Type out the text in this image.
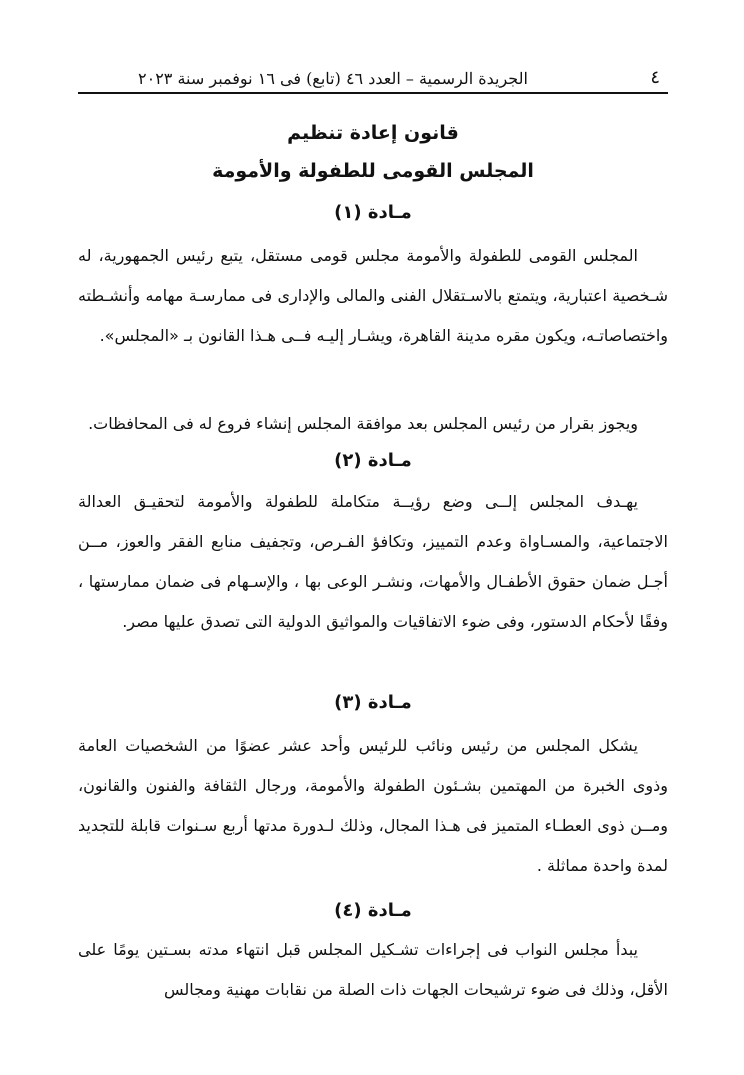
٤
الجريدة الرسمية – العدد ٤٦ (تابع) فى ١٦ نوفمبر سنة ٢٠٢٣
قانون إعادة تنظيم
المجلس القومى للطفولة والأمومة
مـادة (١)

المجلس القومى للطفولة والأمومة مجلس قومى مستقل، يتبع رئيس الجمهورية، له شـخصية اعتبارية، ويتمتع بالاسـتقلال الفنى والمالى والإدارى فى ممارسـة مهامه وأنشـطته واختصاصاتـه، ويكون مقره مدينة القاهرة، ويشـار إليـه فــى هـذا القانون بـ «المجلس».

ويجوز بقرار من رئيس المجلس بعد موافقة المجلس إنشاء فروع له فى المحافظات.

مـادة (٢)

يهـدف المجلس إلــى وضع رؤيــة متكاملة للطفولة والأمومة لتحقيـق العدالة الاجتماعية، والمسـاواة وعدم التمييز، وتكافؤ الفـرص، وتجفيف منابع الفقر والعوز، مــن أجـل ضمان حقوق الأطفـال والأمهات، ونشـر الوعى بها ، والإسـهام فى ضمان ممارستها ، وفقًا لأحكام الدستور، وفى ضوء الاتفاقيات والمواثيق الدولية التى تصدق عليها مصر.

مـادة (٣)

يشكل المجلس من رئيس ونائب للرئيس وأحد عشر عضوًا من الشخصيات العامة وذوى الخبرة من المهتمين بشـئون الطفولة والأمومة، ورجال الثقافة والفنون والقانون، ومــن ذوى العطـاء المتميز فى هـذا المجال، وذلك لـدورة مدتها أربع سـنوات قابلة للتجديد لمدة واحدة مماثلة .

مـادة (٤)

يبدأ مجلس النواب فى إجراءات تشـكيل المجلس قبل انتهاء مدته بسـتين يومًا على الأقل، وذلك فى ضوء ترشيحات الجهات ذات الصلة من نقابات مهنية ومجالس
